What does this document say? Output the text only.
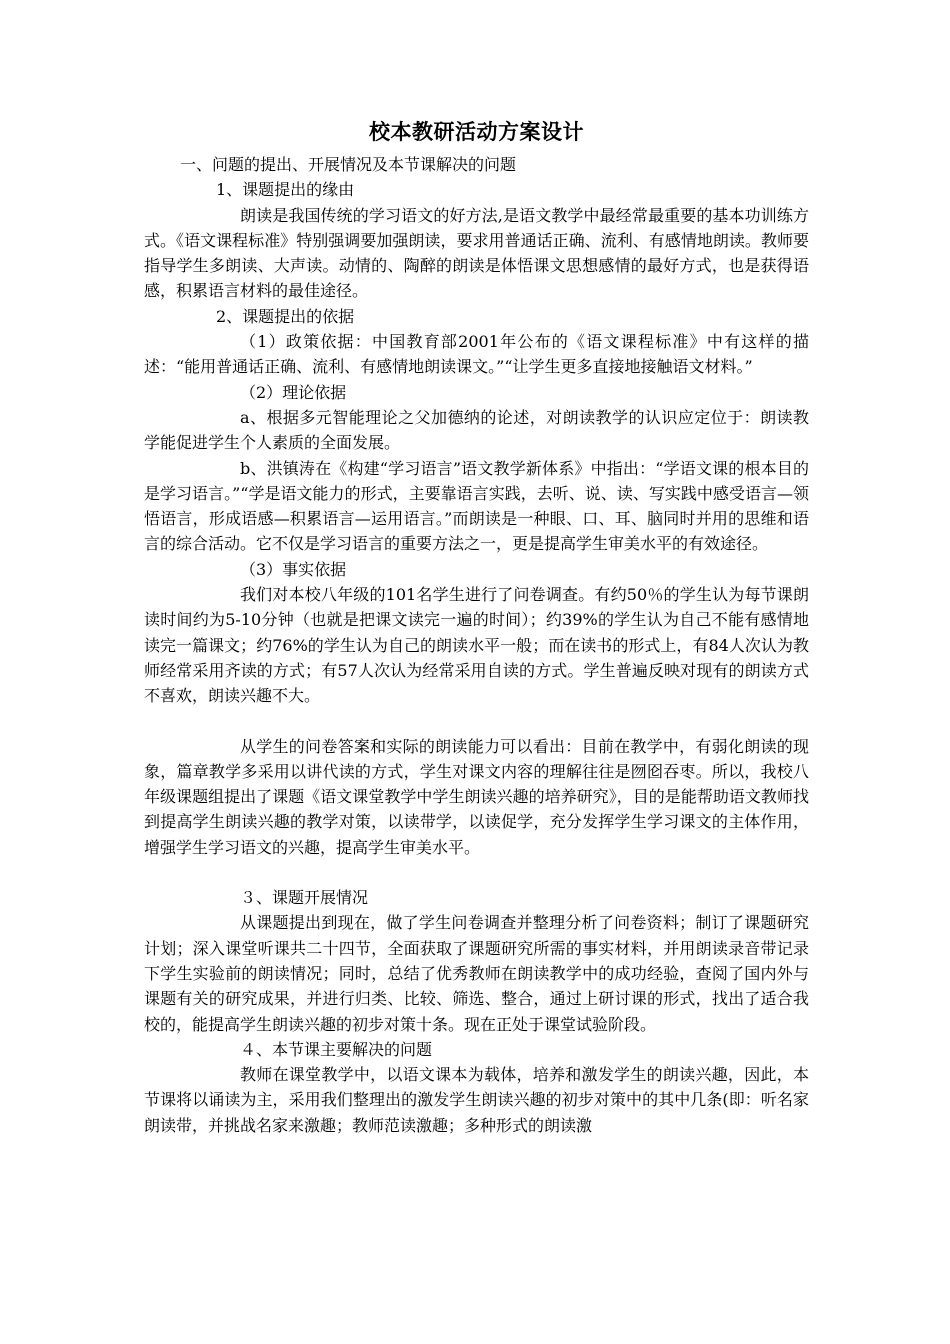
校本教研活动方案设计

一、问题的提出、开展情况及本节课解决的问题

1、课题提出的缘由

朗读是我国传统的学习语文的好方法,是语文教学中最经常最重要的基本功训练方式。《语文课程标准》特别强调要加强朗读，要求用普通话正确、流利、有感情地朗读。教师要指导学生多朗读、大声读。动情的、陶醉的朗读是体悟课文思想感情的最好方式，也是获得语感，积累语言材料的最佳途径。

2、课题提出的依据

（1）政策依据：中国教育部2001年公布的《语文课程标准》中有这样的描述：“能用普通话正确、流利、有感情地朗读课文。”“让学生更多直接地接触语文材料。”

（2）理论依据

a、根据多元智能理论之父加德纳的论述，对朗读教学的认识应定位于：朗读教学能促进学生个人素质的全面发展。

b、洪镇涛在《构建“学习语言”语文教学新体系》中指出：“学语文课的根本目的是学习语言。”“学是语文能力的形式，主要靠语言实践，去听、说、读、写实践中感受语言—领悟语言，形成语感—积累语言—运用语言。”而朗读是一种眼、口、耳、脑同时并用的思维和语言的综合活动。它不仅是学习语言的重要方法之一，更是提高学生审美水平的有效途径。

（3）事实依据

我们对本校八年级的101名学生进行了问卷调查。有约50％的学生认为每节课朗读时间约为5-10分钟（也就是把课文读完一遍的时间）；约39%的学生认为自己不能有感情地读完一篇课文；约76%的学生认为自己的朗读水平一般；而在读书的形式上，有84人次认为教师经常采用齐读的方式；有57人次认为经常采用自读的方式。学生普遍反映对现有的朗读方式不喜欢，朗读兴趣不大。

从学生的问卷答案和实际的朗读能力可以看出：目前在教学中，有弱化朗读的现象，篇章教学多采用以讲代读的方式，学生对课文内容的理解往往是囫囵吞枣。所以，我校八年级课题组提出了课题《语文课堂教学中学生朗读兴趣的培养研究》，目的是能帮助语文教师找到提高学生朗读兴趣的教学对策，以读带学，以读促学，充分发挥学生学习课文的主体作用，增强学生学习语文的兴趣，提高学生审美水平。

３、课题开展情况

从课题提出到现在，做了学生问卷调查并整理分析了问卷资料；制订了课题研究计划；深入课堂听课共二十四节，全面获取了课题研究所需的事实材料，并用朗读录音带记录下学生实验前的朗读情况；同时，总结了优秀教师在朗读教学中的成功经验，查阅了国内外与课题有关的研究成果，并进行归类、比较、筛选、整合，通过上研讨课的形式，找出了适合我校的，能提高学生朗读兴趣的初步对策十条。现在正处于课堂试验阶段。

４、本节课主要解决的问题

教师在课堂教学中，以语文课本为载体，培养和激发学生的朗读兴趣，因此，本节课将以诵读为主，采用我们整理出的激发学生朗读兴趣的初步对策中的其中几条(即：听名家朗读带，并挑战名家来激趣；教师范读激趣；多种形式的朗读激
